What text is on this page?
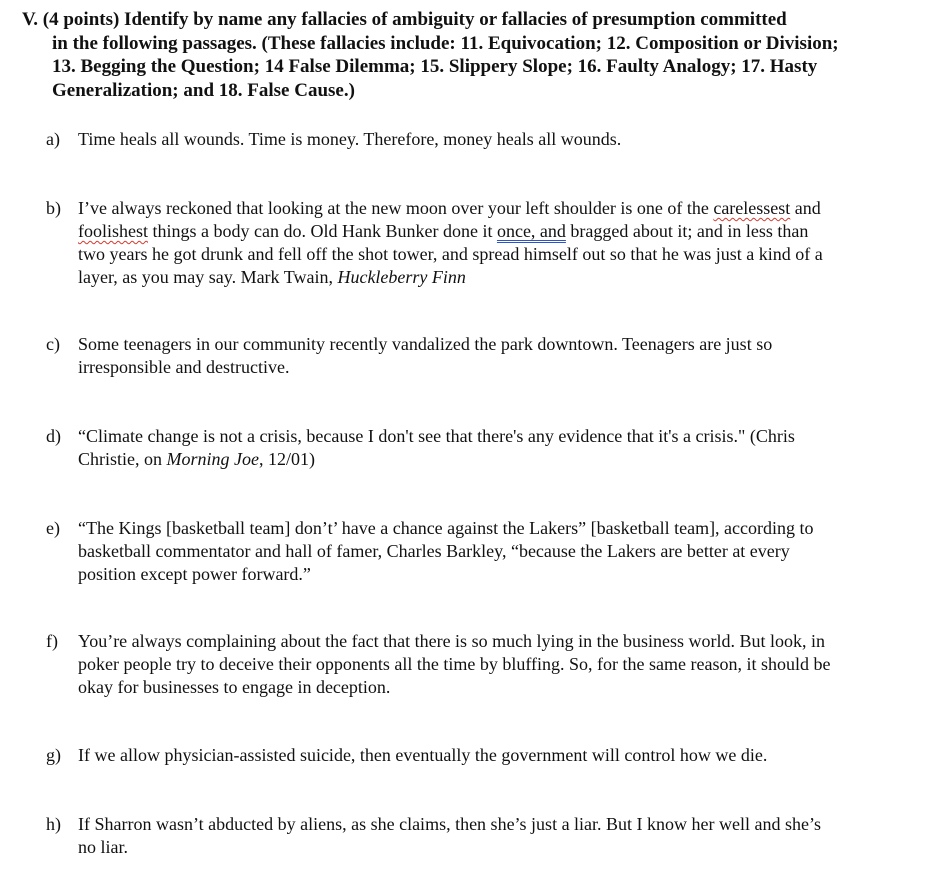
V. (4 points) Identify by name any fallacies of ambiguity or fallacies of presumption committed
in the following passages. (These fallacies include: 11. Equivocation; 12. Composition or Division;
13. Begging the Question; 14 False Dilemma; 15. Slippery Slope; 16. Faulty Analogy; 17. Hasty
Generalization; and 18. False Cause.)
a)	Time heals all wounds. Time is money. Therefore, money heals all wounds.
b) I’ve always reckoned that looking at the new moon over your left shoulder is one of the carelessest and
foolishest things a body can do. Old Hank Bunker done it once, and bragged about it; and in less than
two years he got drunk and fell off the shot tower, and spread himself out so that he was just a kind of a
layer, as you may say. Mark Twain, Huckleberry Finn
c)	Some teenagers in our community recently vandalized the park downtown. Teenagers are just so
irresponsible and destructive.
d) “Climate change is not a crisis, because I don't see that there's any evidence that it's a crisis." (Chris
Christie, on Morning Joe, 12/01)
e)	“The Kings [basketball team] don’t’ have a chance against the Lakers” [basketball team], according to
basketball commentator and hall of famer, Charles Barkley, “because the Lakers are better at every
position except power forward.”
f)	You’re always complaining about the fact that there is so much lying in the business world. But look, in
poker people try to deceive their opponents all the time by bluffing. So, for the same reason, it should be
okay for businesses to engage in deception.
g) If we allow physician-assisted suicide, then eventually the government will control how we die.
h) If Sharron wasn’t abducted by aliens, as she claims, then she’s just a liar. But I know her well and she’s
no liar.
